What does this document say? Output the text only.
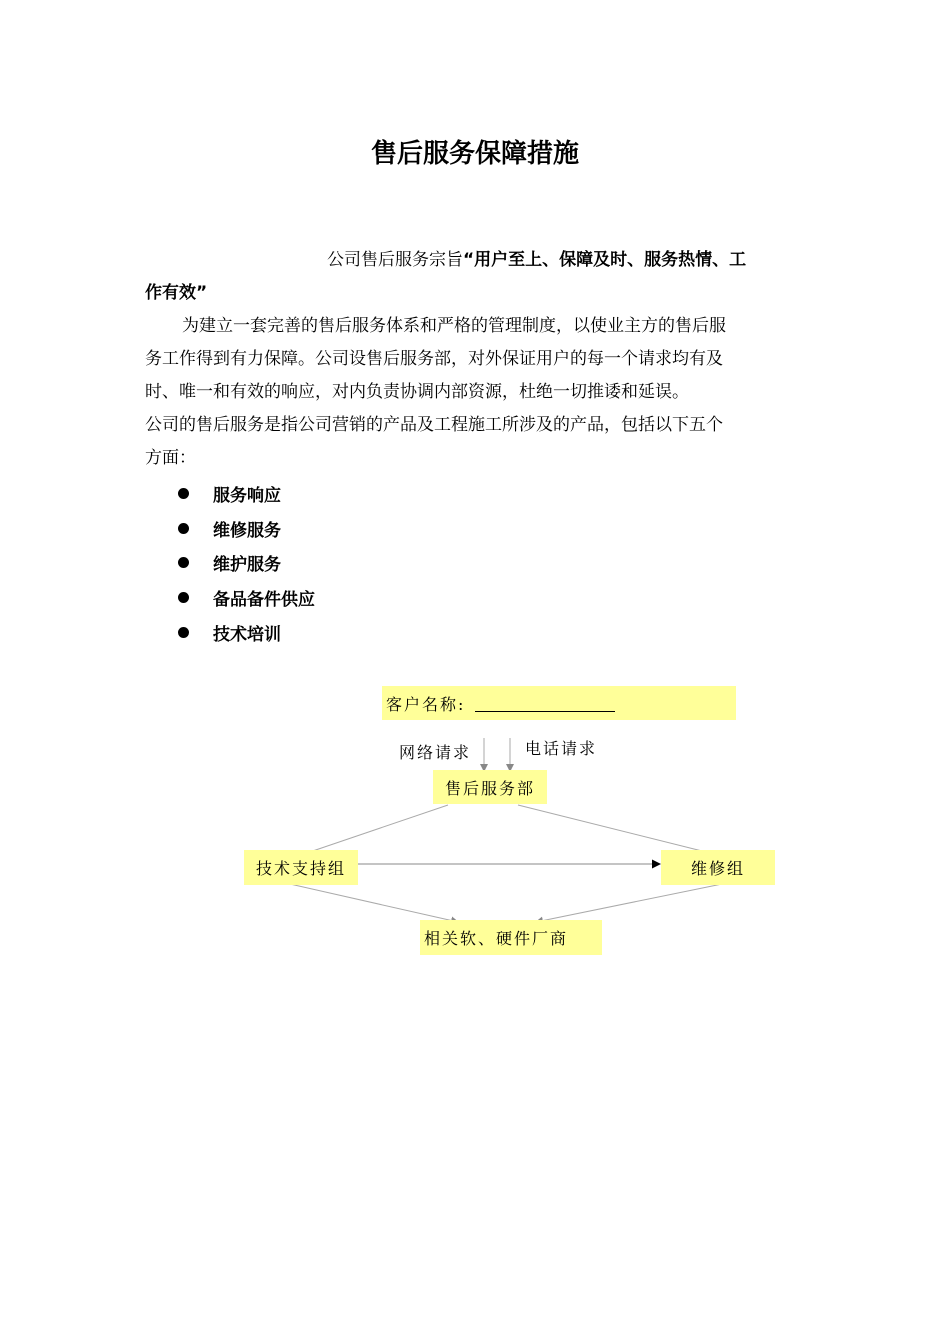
售后服务保障措施
公司售后服务宗旨“用户至上、保障及时、服务热情、工
作有效”
为建立一套完善的售后服务体系和严格的管理制度，以使业主方的售后服
务工作得到有力保障。公司设售后服务部，对外保证用户的每一个请求均有及
时、唯一和有效的响应，对内负责协调内部资源，杜绝一切推诿和延误。
公司的售后服务是指公司营销的产品及工程施工所涉及的产品，包括以下五个
方面：
服务响应
维修服务
维护服务
备品备件供应
技术培训
客户名称:
网络请求	电话请求
售后服务部
技术支持组	维修组
相关软、硬件厂商
